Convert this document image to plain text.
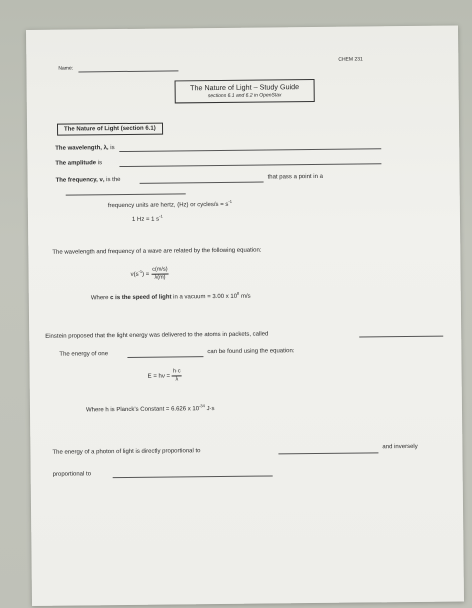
Name:
CHEM 231
The Nature of Light – Study Guide
sections 6.1 and 6.2 in OpenStax
The Nature of Light (section 6.1)
The wavelength, λ, is
The amplitude is
The frequency, ν, is the	that pass a point in a
frequency units are hertz, (Hz) or cycles/s = $s^{-1}$
1 Hz = 1 $s^{-1}$
The wavelength and frequency of a wave are related by the following equation:
$\nu(s^{-1}) = \frac{c(m/s)}{\lambda(m)}$
Where c is the speed of light in a vacuum = 3.00 x $10^8$ m/s
Einstein proposed that the light energy was delivered to the atoms in packets, called
The energy of one	can be found using the equation:
$E = h\nu = \frac{h\cdot c}{\lambda}$
Where h is Planck’s Constant = 6.626 x $10^{-34}$ J·s
The energy of a photon of light is directly proportional to
and inversely
proportional to
